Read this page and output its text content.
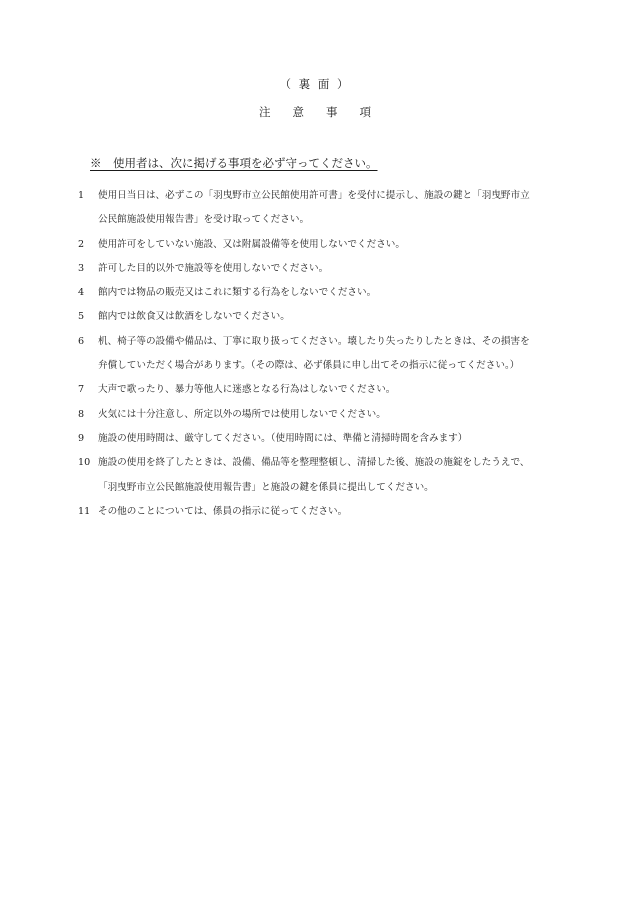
（ 裏 面 ）
注意事項
※　使用者は、次に掲げる事項を必ず守ってください。
1	使用日当日は、必ずこの「羽曳野市立公民館使用許可書」を受付に提示し、施設の鍵と「羽曳野市立
公民館施設使用報告書」を受け取ってください。

2	使用許可をしていない施設、又は附属設備等を使用しないでください。

3	許可した目的以外で施設等を使用しないでください。

4	館内では物品の販売又はこれに類する行為をしないでください。

5	館内では飲食又は飲酒をしないでください。

6	机、椅子等の設備や備品は、丁寧に取り扱ってください。壊したり失ったりしたときは、その損害を
弁償していただく場合があります。（その際は、必ず係員に申し出てその指示に従ってください。）

7	大声で歌ったり、暴力等他人に迷惑となる行為はしないでください。

8	火気には十分注意し、所定以外の場所では使用しないでください。

9	施設の使用時間は、厳守してください。（使用時間には、準備と清掃時間を含みます）

10 施設の使用を終了したときは、設備、備品等を整理整頓し、清掃した後、施設の施錠をしたうえで、
「羽曳野市立公民館施設使用報告書」と施設の鍵を係員に提出してください。

11 その他のことについては、係員の指示に従ってください。
